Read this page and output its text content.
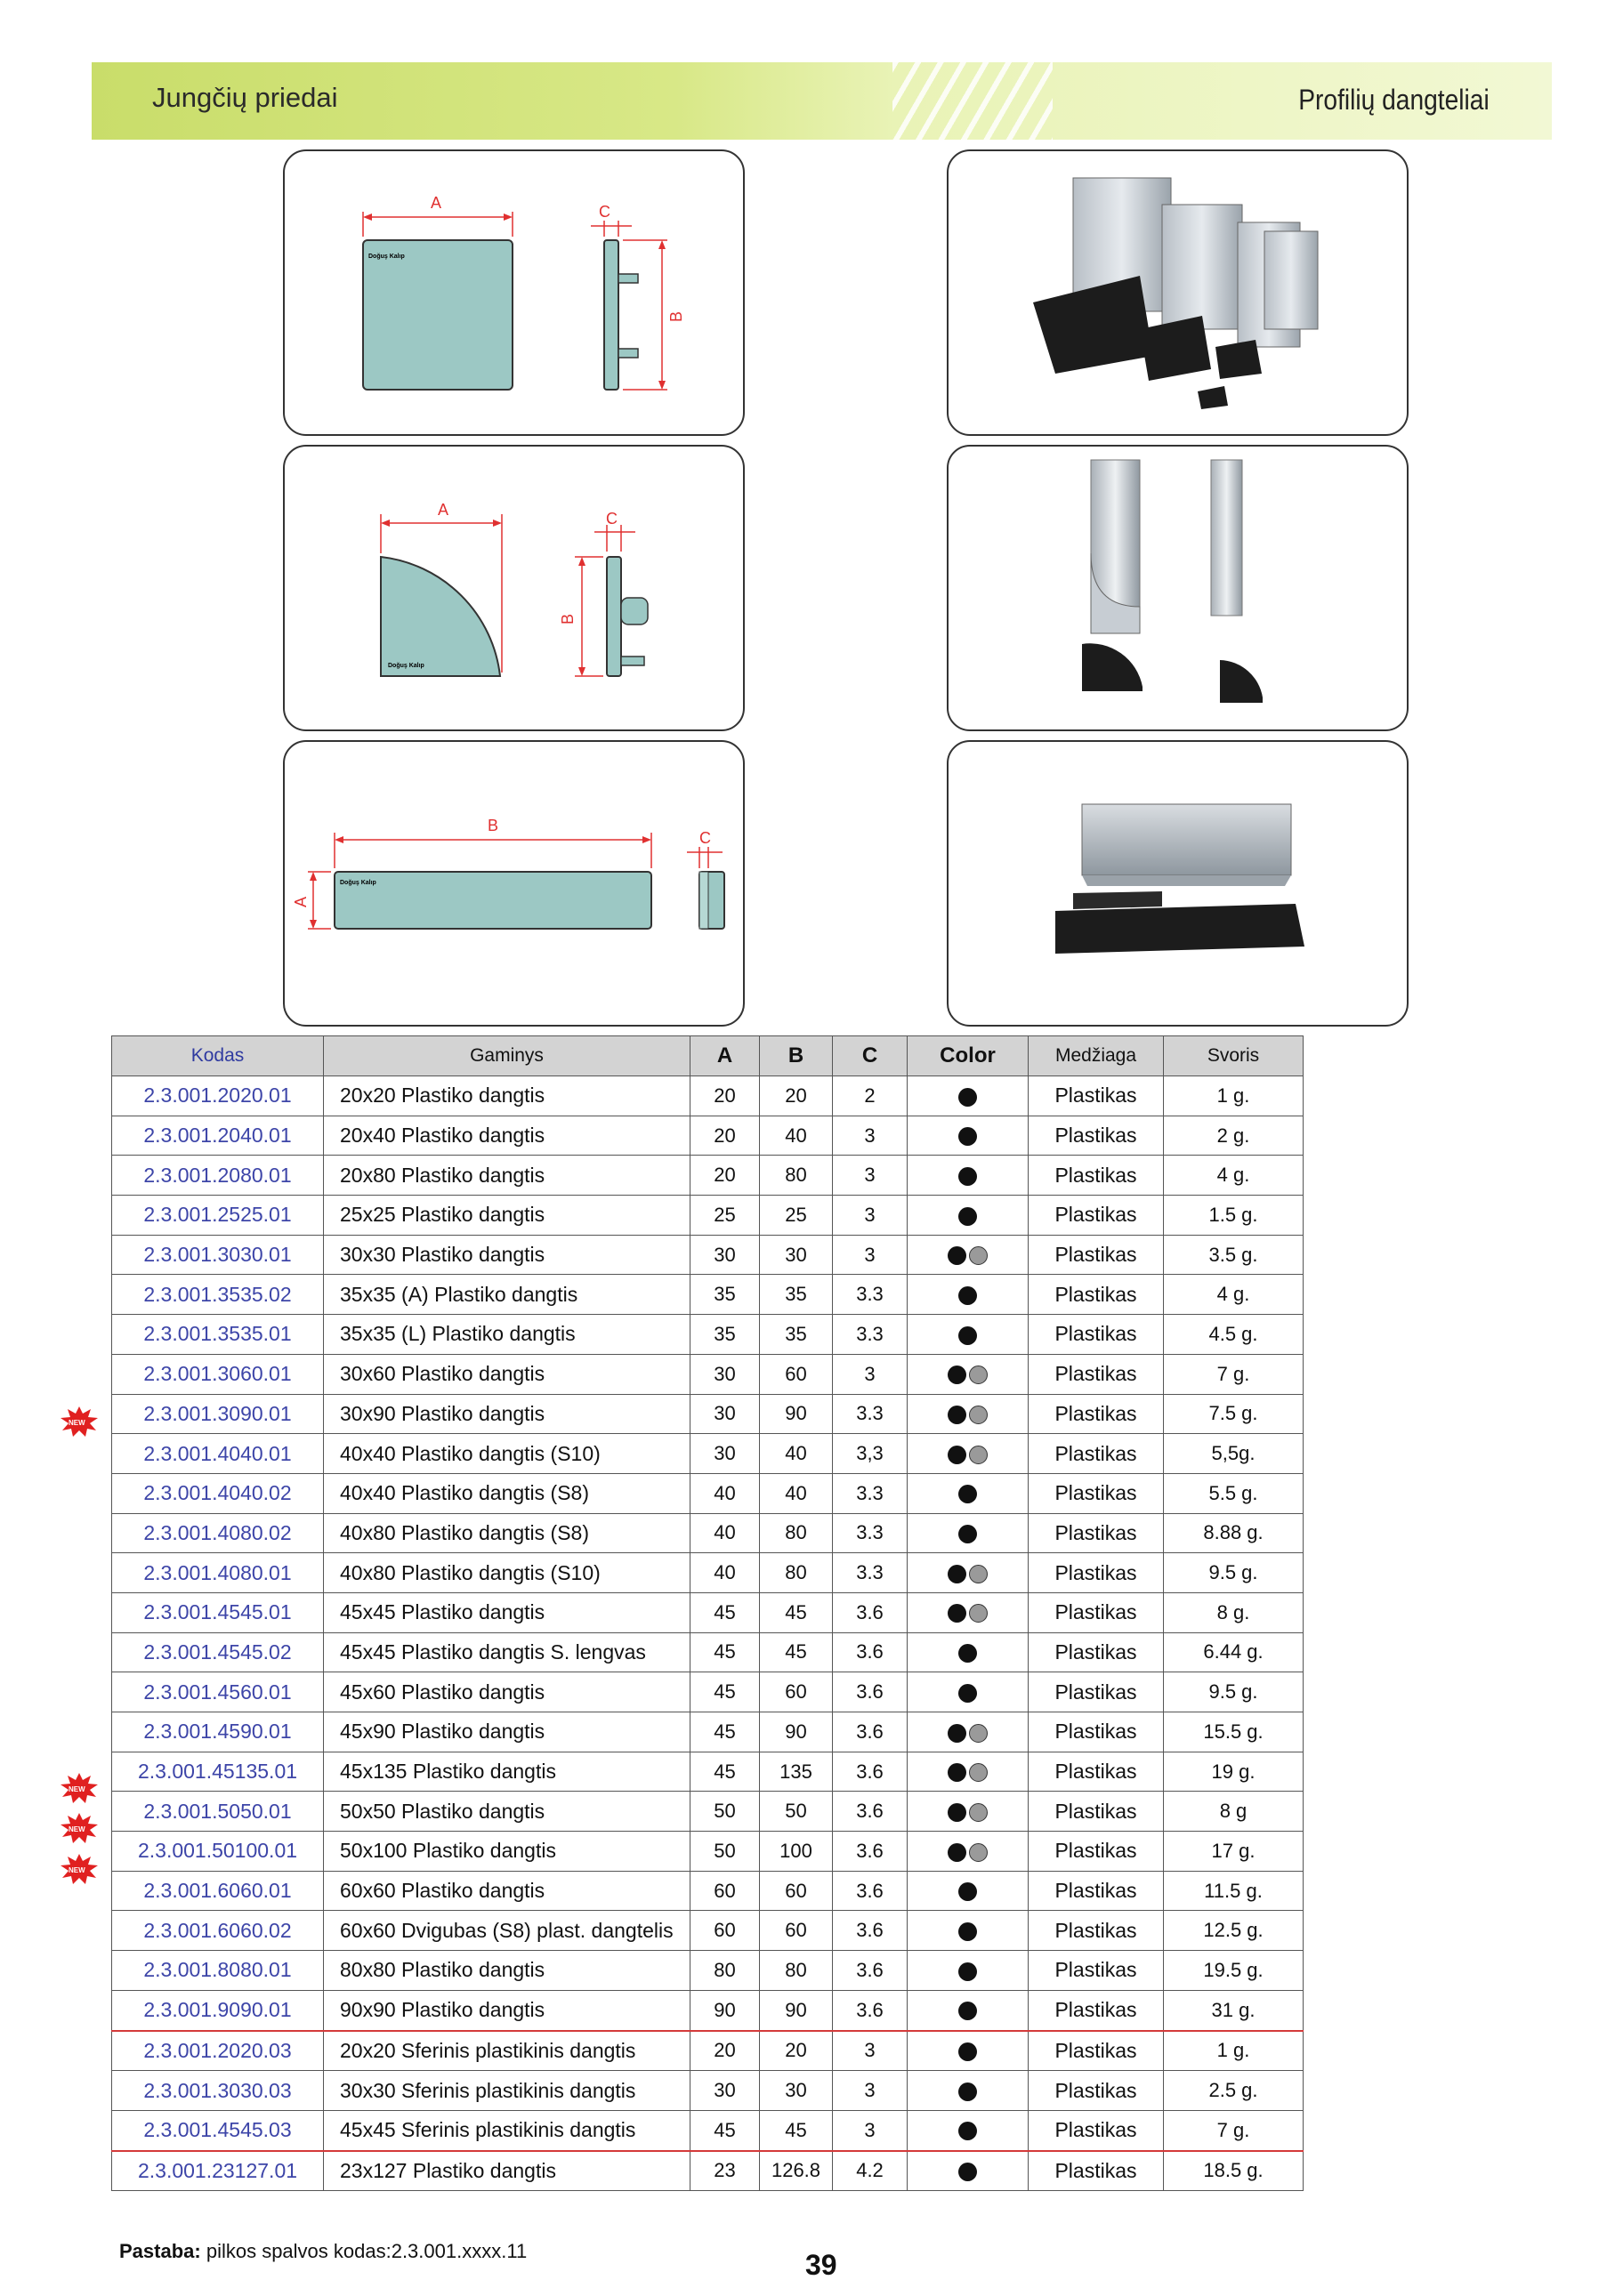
Jungčių priedai	Profilių dangteliai
A
Doğuş Kalıp
C
B
A
Doğuş Kalıp
C
B
B
Doğuş Kalıp
A
C
NEW
NEW
NEW
NEW
Kodas	Gaminys	A	B	C	Color	Medžiaga	Svoris
2.3.001.2020.01	20x20 Plastiko dangtis	20	20	2		Plastikas	1 g.
2.3.001.2040.01	20x40 Plastiko dangtis	20	40	3		Plastikas	2 g.
2.3.001.2080.01	20x80 Plastiko dangtis	20	80	3		Plastikas	4 g.
2.3.001.2525.01	25x25 Plastiko dangtis	25	25	3		Plastikas	1.5 g.
2.3.001.3030.01	30x30 Plastiko dangtis	30	30	3		Plastikas	3.5 g.
2.3.001.3535.02	35x35 (A) Plastiko dangtis	35	35	3.3		Plastikas	4 g.
2.3.001.3535.01	35x35 (L) Plastiko dangtis	35	35	3.3		Plastikas	4.5 g.
2.3.001.3060.01	30x60 Plastiko dangtis	30	60	3		Plastikas	7 g.
2.3.001.3090.01	30x90 Plastiko dangtis	30	90	3.3		Plastikas	7.5 g.
2.3.001.4040.01	40x40 Plastiko dangtis (S10)	30	40	3,3		Plastikas	5,5g.
2.3.001.4040.02	40x40 Plastiko dangtis (S8)	40	40	3.3		Plastikas	5.5 g.
2.3.001.4080.02	40x80 Plastiko dangtis (S8)	40	80	3.3		Plastikas	8.88 g.
2.3.001.4080.01	40x80 Plastiko dangtis (S10)	40	80	3.3		Plastikas	9.5 g.
2.3.001.4545.01	45x45 Plastiko dangtis	45	45	3.6		Plastikas	8 g.
2.3.001.4545.02	45x45 Plastiko dangtis S. lengvas	45	45	3.6		Plastikas	6.44 g.
2.3.001.4560.01	45x60 Plastiko dangtis	45	60	3.6		Plastikas	9.5 g.
2.3.001.4590.01	45x90 Plastiko dangtis	45	90	3.6		Plastikas	15.5 g.
2.3.001.45135.01	45x135 Plastiko dangtis	45	135	3.6		Plastikas	19 g.
2.3.001.5050.01	50x50 Plastiko dangtis	50	50	3.6		Plastikas	8 g
2.3.001.50100.01	50x100 Plastiko dangtis	50	100	3.6		Plastikas	17 g.
2.3.001.6060.01	60x60 Plastiko dangtis	60	60	3.6		Plastikas	11.5 g.
2.3.001.6060.02	60x60 Dvigubas (S8) plast. dangtelis	60	60	3.6		Plastikas	12.5 g.
2.3.001.8080.01	80x80 Plastiko dangtis	80	80	3.6		Plastikas	19.5 g.
2.3.001.9090.01	90x90 Plastiko dangtis	90	90	3.6		Plastikas	31 g.
2.3.001.2020.03	20x20 Sferinis plastikinis dangtis	20	20	3		Plastikas	1 g.
2.3.001.3030.03	30x30 Sferinis plastikinis dangtis	30	30	3		Plastikas	2.5 g.
2.3.001.4545.03	45x45 Sferinis plastikinis dangtis	45	45	3		Plastikas	7 g.
2.3.001.23127.01	23x127 Plastiko dangtis	23	126.8	4.2		Plastikas	18.5 g.
Pastaba: pilkos spalvos kodas:2.3.001.xxxx.11	39
